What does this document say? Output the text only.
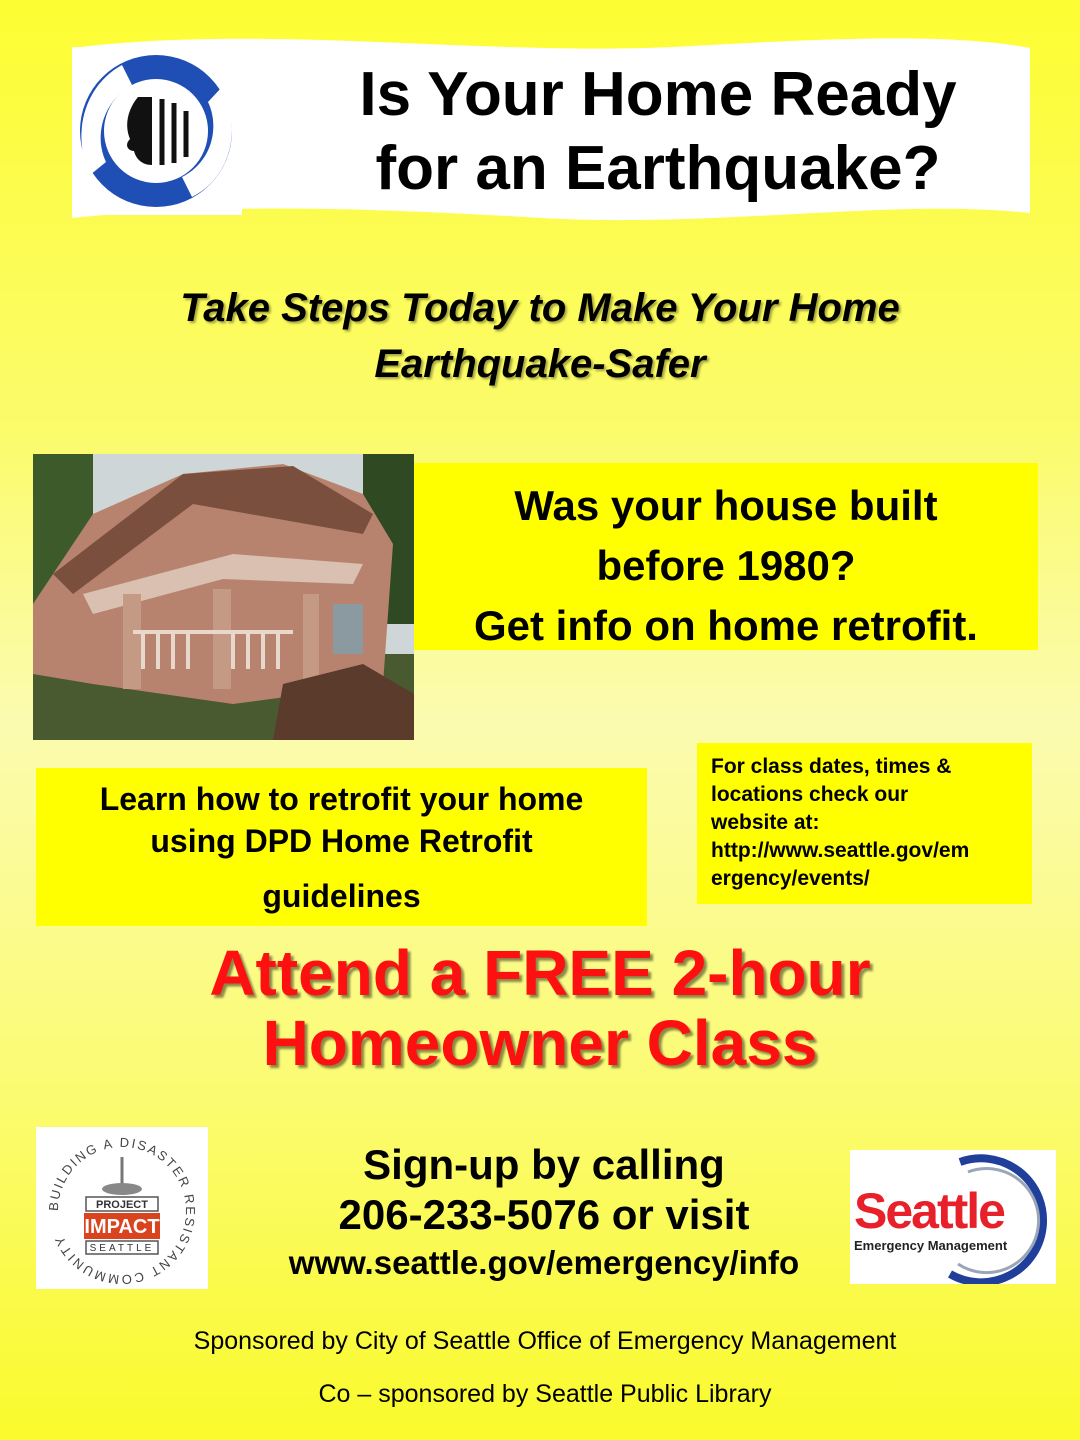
Is Your Home Ready
for an Earthquake?
Take Steps Today to Make Your Home
Earthquake-Safer
Was your house built
before 1980?
Get info on home retrofit.
Learn how to retrofit your home
using DPD Home Retrofit
guidelines
For class dates, times &
locations check our
website at:
http://www.seattle.gov/em
ergency/events/
Attend a FREE 2-hour
Homeowner Class
BUILDING A DISASTER RESISTANT COMMUNITY
PROJECT
IMPACT
SEATTLE
Sign-up by calling
206-233-5076 or visit
www.seattle.gov/emergency/info
Seattle
Emergency Management
Sponsored by City of Seattle Office of Emergency Management
Co – sponsored by Seattle Public Library
